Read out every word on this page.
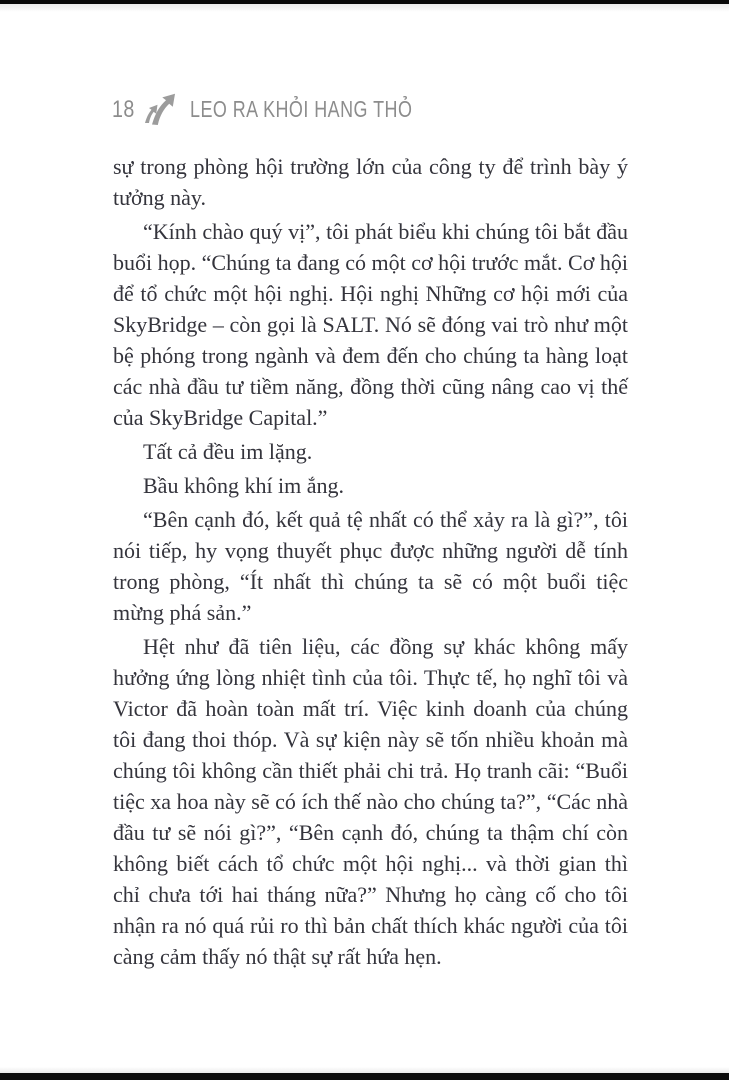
18 LEO RA KHỎI HANG THỎ

sự trong phòng hội trường lớn của công ty để trình bày ý tưởng này.

“Kính chào quý vị”, tôi phát biểu khi chúng tôi bắt đầu buổi họp. “Chúng ta đang có một cơ hội trước mắt. Cơ hội để tổ chức một hội nghị. Hội nghị Những cơ hội mới của SkyBridge – còn gọi là SALT. Nó sẽ đóng vai trò như một bệ phóng trong ngành và đem đến cho chúng ta hàng loạt các nhà đầu tư tiềm năng, đồng thời cũng nâng cao vị thế của SkyBridge Capital.”

Tất cả đều im lặng.

Bầu không khí im ắng.

“Bên cạnh đó, kết quả tệ nhất có thể xảy ra là gì?”, tôi nói tiếp, hy vọng thuyết phục được những người dễ tính trong phòng, “Ít nhất thì chúng ta sẽ có một buổi tiệc mừng phá sản.”

Hệt như đã tiên liệu, các đồng sự khác không mấy hưởng ứng lòng nhiệt tình của tôi. Thực tế, họ nghĩ tôi và Victor đã hoàn toàn mất trí. Việc kinh doanh của chúng tôi đang thoi thóp. Và sự kiện này sẽ tốn nhiều khoản mà chúng tôi không cần thiết phải chi trả. Họ tranh cãi: “Buổi tiệc xa hoa này sẽ có ích thế nào cho chúng ta?”, “Các nhà đầu tư sẽ nói gì?”, “Bên cạnh đó, chúng ta thậm chí còn không biết cách tổ chức một hội nghị... và thời gian thì chỉ chưa tới hai tháng nữa?” Nhưng họ càng cố cho tôi nhận ra nó quá rủi ro thì bản chất thích khác người của tôi càng cảm thấy nó thật sự rất hứa hẹn.
